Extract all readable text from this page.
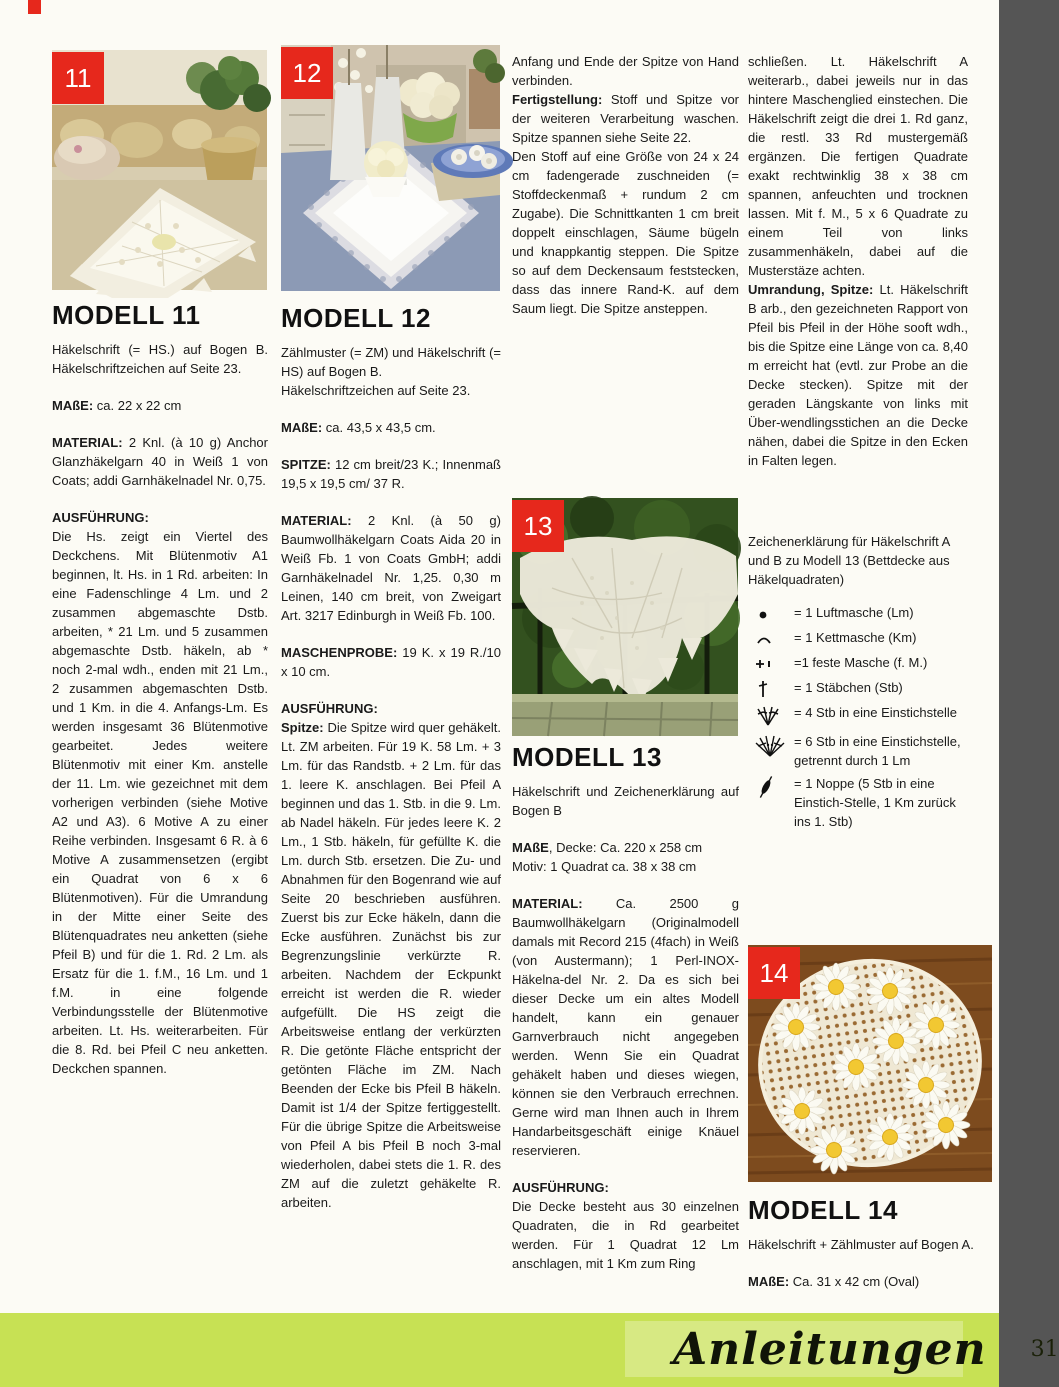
11
MODELL 11

Häkelschrift (= HS.) auf Bogen B. Häkelschriftzeichen auf Seite 23.

MAßE: ca. 22 x 22 cm

MATERIAL: 2 Knl. (à 10 g) Anchor Glanzhäkelgarn 40 in Weiß 1 von Coats; addi Garnhäkelnadel Nr. 0,75.

AUSFÜHRUNG:

Die Hs. zeigt ein Viertel des Deckchens. Mit Blütenmotiv A1 beginnen, lt. Hs. in 1 Rd. arbeiten: In eine Fadenschlinge 4 Lm. und 2 zusammen abgemaschte Dstb. arbeiten, * 21 Lm. und 5 zusammen abgemaschte Dstb. häkeln, ab * noch 2-mal wdh., enden mit 21 Lm., 2 zusammen abgemaschten Dstb. und 1 Km. in die 4. Anfangs-Lm. Es werden insgesamt 36 Blütenmotive gearbeitet. Jedes weitere Blütenmotiv mit einer Km. anstelle der 11. Lm. wie gezeichnet mit dem vorherigen verbinden (siehe Motive A2 und A3). 6 Motive A zu einer Reihe verbinden. Insgesamt 6 R. à 6 Motive A zusammensetzen (ergibt ein Quadrat von 6 x 6 Blütenmotiven). Für die Umrandung in der Mitte einer Seite des Blütenquadrates neu anketten (siehe Pfeil B) und für die 1. Rd. 2 Lm. als Ersatz für die 1. f.M., 16 Lm. und 1 f.M. in eine folgende Verbindungsstelle der Blütenmotive arbeiten. Lt. Hs. weiterarbeiten. Für die 8. Rd. bei Pfeil C neu anketten. Deckchen spannen.

12
MODELL 12

Zählmuster (= ZM) und Häkelschrift (= HS) auf Bogen B.

Häkelschriftzeichen auf Seite 23.

MAßE: ca. 43,5 x 43,5 cm.

SPITZE: 12 cm breit/23 K.; Innenmaß 19,5 x 19,5 cm/ 37 R.

MATERIAL: 2 Knl. (à 50 g) Baumwollhäkelgarn Coats Aida 20 in Weiß Fb. 1 von Coats GmbH; addi Garnhäkelnadel Nr. 1,25. 0,30 m Leinen, 140 cm breit, von Zweigart Art. 3217 Edinburgh in Weiß Fb. 100.

MASCHENPROBE: 19 K. x 19 R./10 x 10 cm.

AUSFÜHRUNG:

Spitze: Die Spitze wird quer gehäkelt. Lt. ZM arbeiten. Für 19 K. 58 Lm. + 3 Lm. für das Randstb. + 2 Lm. für das 1. leere K. anschlagen. Bei Pfeil A beginnen und das 1. Stb. in die 9. Lm. ab Nadel häkeln. Für jedes leere K. 2 Lm., 1 Stb. häkeln, für gefüllte K. die Lm. durch Stb. ersetzen. Die Zu- und Abnahmen für den Bogenrand wie auf Seite 20 beschrieben ausführen. Zuerst bis zur Ecke häkeln, dann die Ecke ausführen. Zunächst bis zur Begrenzungslinie verkürzte R. arbeiten. Nachdem der Eckpunkt erreicht ist werden die R. wieder aufgefüllt. Die HS zeigt die Arbeitsweise entlang der verkürzten R. Die getönte Fläche entspricht der getönten Fläche im ZM. Nach Beenden der Ecke bis Pfeil B häkeln. Damit ist 1/4 der Spitze fertiggestellt. Für die übrige Spitze die Arbeitsweise von Pfeil A bis Pfeil B noch 3-mal wiederholen, dabei stets die 1. R. des ZM auf die zuletzt gehäkelte R. arbeiten.

Anfang und Ende der Spitze von Hand verbinden.

Fertigstellung: Stoff und Spitze vor der weiteren Verarbeitung waschen. Spitze spannen siehe Seite 22.

Den Stoff auf eine Größe von 24 x 24 cm fadengerade zuschneiden (= Stoffdeckenmaß + rundum 2 cm Zugabe). Die Schnittkanten 1 cm breit doppelt einschlagen, Säume bügeln und knappkantig steppen. Die Spitze so auf dem Deckensaum feststecken, dass das innere Rand-K. auf dem Saum liegt. Die Spitze ansteppen.

13
MODELL 13

Häkelschrift und Zeichenerklärung auf Bogen B

MAßE, Decke: Ca. 220 x 258 cm

Motiv: 1 Quadrat ca. 38 x 38 cm

MATERIAL:	Ca. 2500 g Baumwollhäkelgarn (Originalmodell damals mit Record 215 (4fach) in Weiß (von Austermann); 1 Perl-INOX-Häkelna-del Nr. 2. Da es sich bei dieser Decke um ein altes Modell handelt, kann ein genauer Garnverbrauch nicht angegeben werden. Wenn Sie ein Quadrat gehäkelt haben und dieses wiegen, können sie den Verbrauch errechnen. Gerne wird man Ihnen auch in Ihrem Handarbeitsgeschäft einige Knäuel reservieren.

AUSFÜHRUNG:

Die Decke besteht aus 30 einzelnen Quadraten, die in Rd gearbeitet werden. Für 1 Quadrat 12 Lm anschlagen, mit 1 Km zum Ring

schließen. Lt. Häkelschrift A weiterarb., dabei jeweils nur in das hintere Maschenglied einstechen. Die Häkelschrift zeigt die drei 1. Rd ganz, die restl. 33 Rd mustergemäß ergänzen. Die fertigen Quadrate exakt rechtwinklig 38 x 38 cm spannen, anfeuchten und trocknen lassen. Mit f. M., 5 x 6 Quadrate zu einem Teil von links zusammenhäkeln, dabei auf die Musterstäze achten.

Umrandung, Spitze: Lt. Häkelschrift B arb., den gezeichneten Rapport von Pfeil bis Pfeil in der Höhe sooft wdh., bis die Spitze eine Länge von ca. 8,40 m erreicht hat (evtl. zur Probe an die Decke stecken). Spitze mit der geraden Längskante von links mit Über-wendlingsstichen an die Decke nähen, dabei die Spitze in den Ecken in Falten legen.

Zeichenerklärung für Häkelschrift A und B zu Modell 13 (Bettdecke aus Häkelquadraten)

= 1 Luftmasche (Lm)
= 1 Kettmasche (Km)
=1 feste Masche (f. M.)
= 1 Stäbchen (Stb)
= 4 Stb in eine Einstichstelle
= 6 Stb in eine Einstichstelle, getrennt durch 1 Lm
= 1 Noppe (5 Stb in eine Einstich-Stelle, 1 Km zurück ins 1. Stb)
14
MODELL 14

Häkelschrift + Zählmuster auf Bogen A.

MAßE: Ca. 31 x 42 cm (Oval)

Anleitungen 31
